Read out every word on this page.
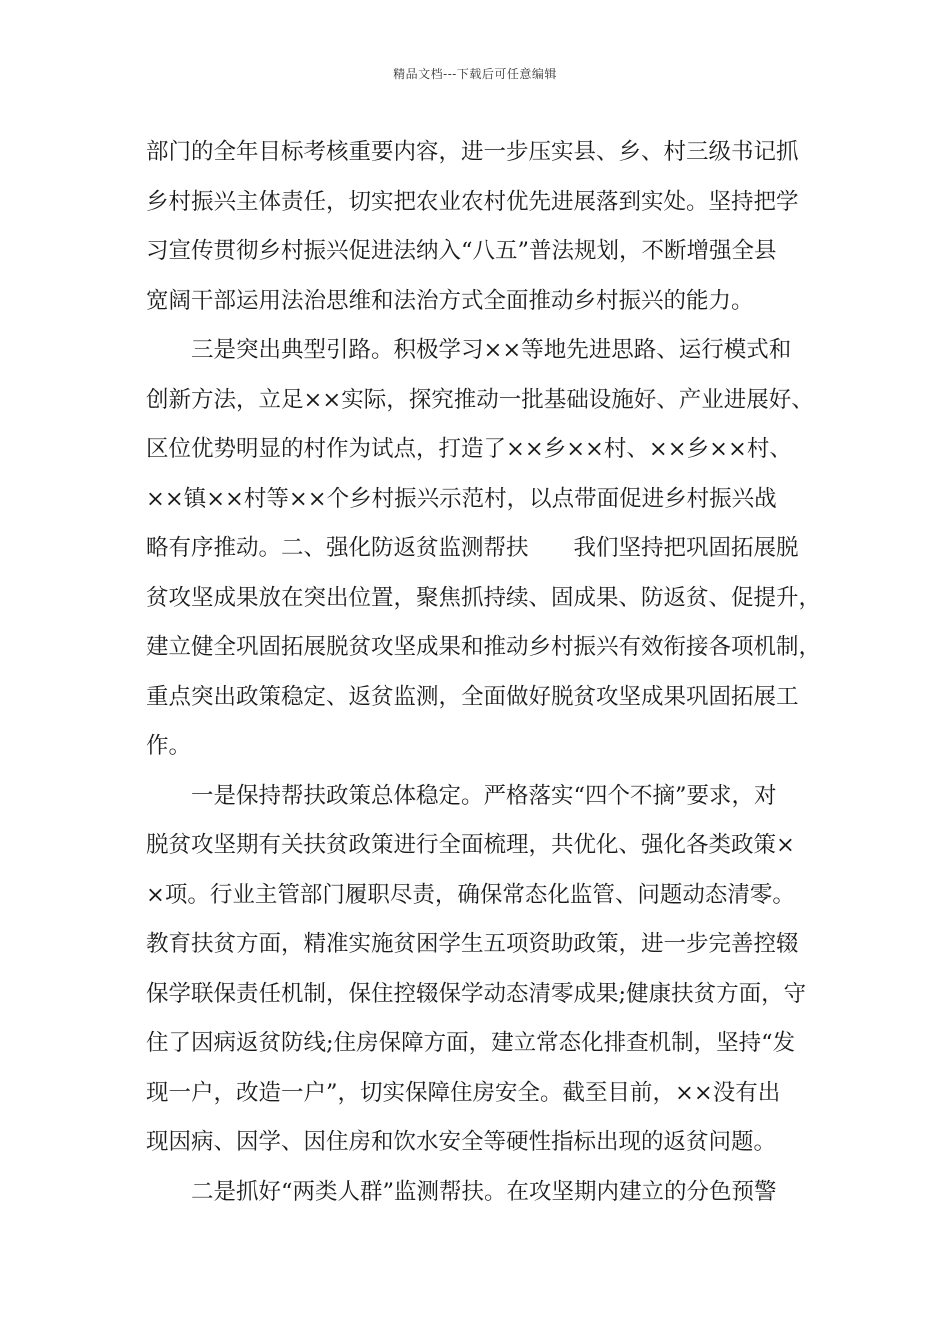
精品文档---下载后可任意编辑
部门的全年目标考核重要内容，进一步压实县、乡、村三级书记抓
乡村振兴主体责任，切实把农业农村优先进展落到实处。坚持把学
习宣传贯彻乡村振兴促进法纳入“八五”普法规划，不断增强全县
宽阔干部运用法治思维和法治方式全面推动乡村振兴的能力。
三是突出典型引路。积极学习××等地先进思路、运行模式和
创新方法，立足××实际，探究推动一批基础设施好、产业进展好、
区位优势明显的村作为试点，打造了××乡××村、××乡××村、
××镇××村等××个乡村振兴示范村，以点带面促进乡村振兴战
略有序推动。二、强化防返贫监测帮扶　　我们坚持把巩固拓展脱
贫攻坚成果放在突出位置，聚焦抓持续、固成果、防返贫、促提升，
建立健全巩固拓展脱贫攻坚成果和推动乡村振兴有效衔接各项机制，
重点突出政策稳定、返贫监测，全面做好脱贫攻坚成果巩固拓展工
作。
一是保持帮扶政策总体稳定。严格落实“四个不摘”要求，对
脱贫攻坚期有关扶贫政策进行全面梳理，共优化、强化各类政策×
×项。行业主管部门履职尽责，确保常态化监管、问题动态清零。
教育扶贫方面，精准实施贫困学生五项资助政策，进一步完善控辍
保学联保责任机制，保住控辍保学动态清零成果;健康扶贫方面，守
住了因病返贫防线;住房保障方面，建立常态化排查机制，坚持“发
现一户，改造一户”，切实保障住房安全。截至目前，××没有出
现因病、因学、因住房和饮水安全等硬性指标出现的返贫问题。
二是抓好“两类人群”监测帮扶。在攻坚期内建立的分色预警
